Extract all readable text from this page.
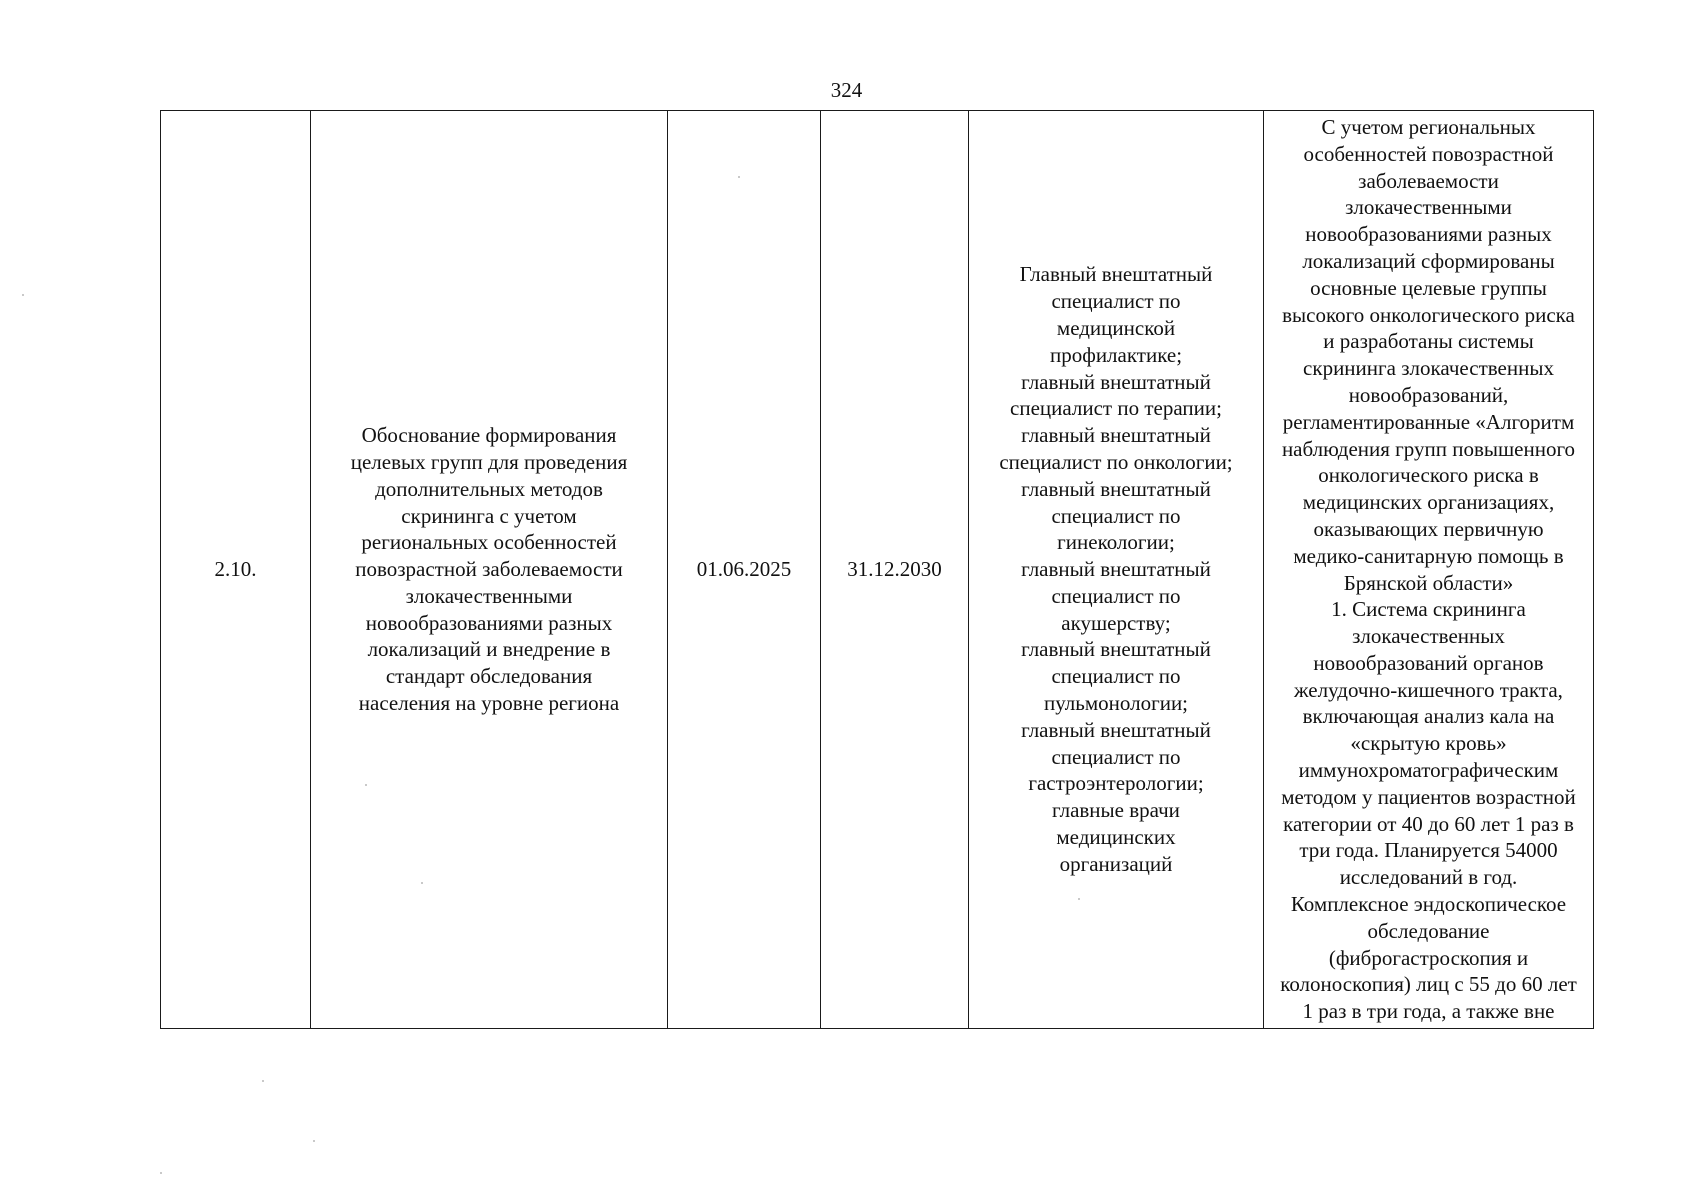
324
2.10.

Обоснование формирования
целевых групп для проведения
дополнительных методов
скрининга с учетом
региональных особенностей
повозрастной заболеваемости
злокачественными
новообразованиями разных
локализаций и внедрение в
стандарт обследования
населения на уровне региона

01.06.2025	31.12.2030

Главный внештатный
специалист по
медицинской
профилактике;
главный внештатный
специалист по терапии;
главный внештатный
специалист по онкологии;
главный внештатный
специалист по
гинекологии;
главный внештатный
специалист по
акушерству;
главный внештатный
специалист по
пульмонологии;
главный внештатный
специалист по
гастроэнтерологии;
главные врачи
медицинских
организаций

С учетом региональных
особенностей повозрастной
заболеваемости
злокачественными
новообразованиями разных
локализаций сформированы
основные целевые группы
высокого онкологического риска
и разработаны системы
скрининга злокачественных
новообразований,
регламентированные «Алгоритм
наблюдения групп повышенного
онкологического риска в
медицинских организациях,
оказывающих первичную
медико-санитарную помощь в
Брянской области»
1. Система скрининга
злокачественных
новообразований органов
желудочно-кишечного тракта,
включающая анализ кала на
«скрытую кровь»
иммунохроматографическим
методом у пациентов возрастной
категории от 40 до 60 лет 1 раз в
три года. Планируется 54000
исследований в год.
Комплексное эндоскопическое
обследование
(фиброгастроскопия и
колоноскопия) лиц с 55 до 60 лет
1 раз в три года, а также вне
